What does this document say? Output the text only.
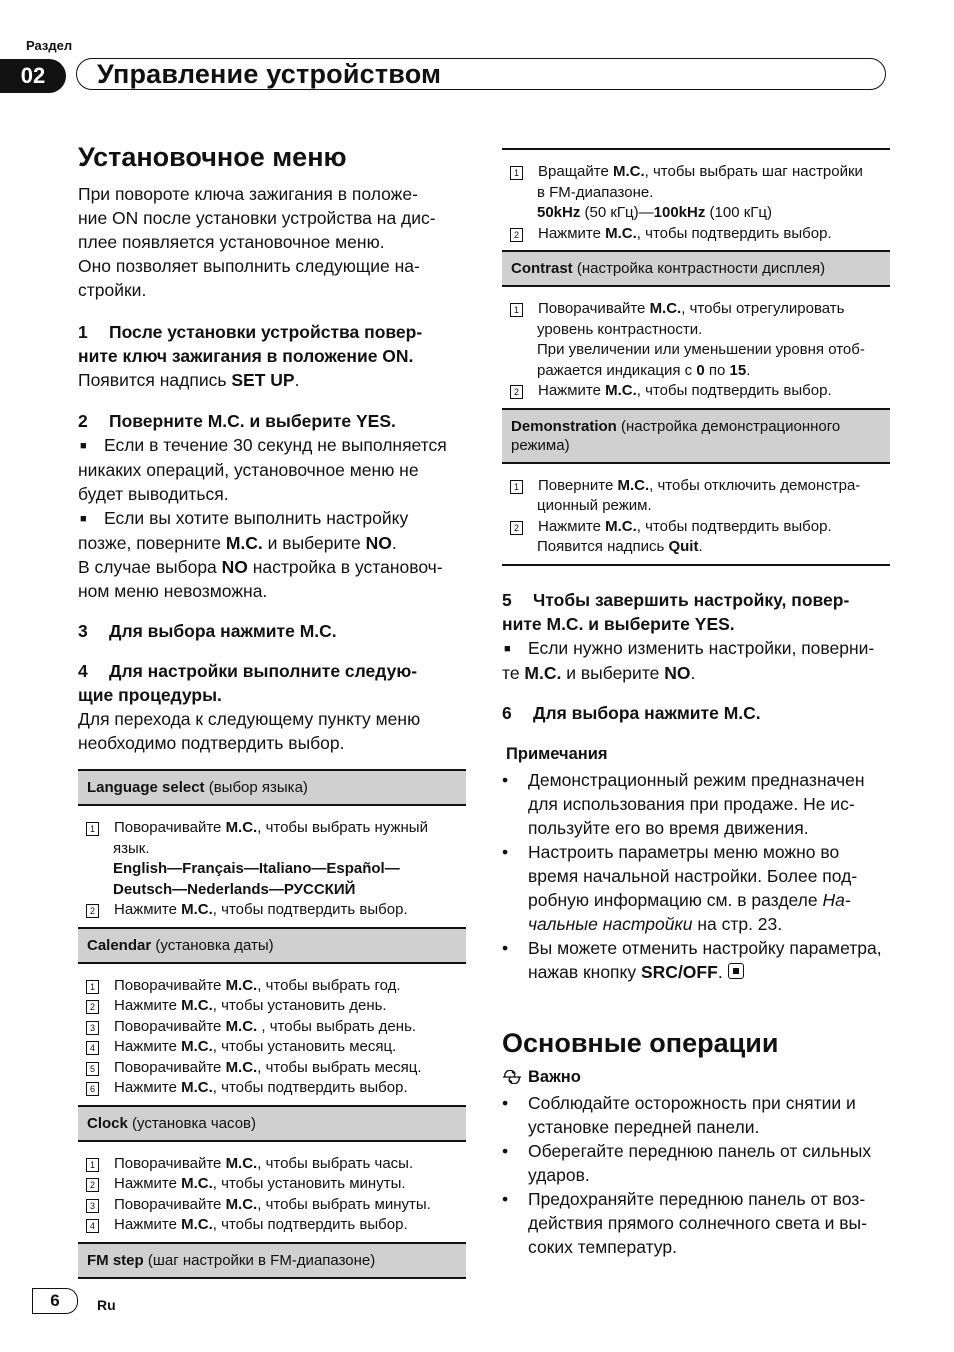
Раздел
02	Управление устройством
Установочное меню

При повороте ключа зажигания в положе-

ние ON после установки устройства на дис-

плее появляется установочное меню.

Оно позволяет выполнить следующие на-

стройки.

1 После установки устройства повер-
ните ключ зажигания в положение ON.

Появится надпись SET UP.

2 Поверните M.C. и выберите YES.

■ Если в течение 30 секунд не выполняется

никаких операций, установочное меню не

будет выводиться.

■ Если вы хотите выполнить настройку

позже, поверните M.C. и выберите NO.

В случае выбора NO настройка в установоч-

ном меню невозможна.

3 Для выбора нажмите M.C.
4 Для настройки выполните следую-
щие процедуры.

Для перехода к следующему пункту меню

необходимо подтвердить выбор.

Language select (выбор языка)
1 Поворачивайте M.C., чтобы выбрать нужный
язык.
English—Français—Italiano—Español—
Deutsch—Nederlands—РУССКИЙ
2 Нажмите M.C., чтобы подтвердить выбор.
Calendar (установка даты)
1 Поворачивайте M.C., чтобы выбрать год.
2 Нажмите M.C., чтобы установить день.
3 Поворачивайте M.C. , чтобы выбрать день.
4 Нажмите M.C., чтобы установить месяц.
5 Поворачивайте M.C., чтобы выбрать месяц.
6 Нажмите M.C., чтобы подтвердить выбор.
Clock (установка часов)
1 Поворачивайте M.C., чтобы выбрать часы.
2 Нажмите M.C., чтобы установить минуты.
3 Поворачивайте M.C., чтобы выбрать минуты.
4 Нажмите M.C., чтобы подтвердить выбор.
FM step (шаг настройки в FM-диапазоне)
1 Вращайте M.C., чтобы выбрать шаг настройки
в FM-диапазоне.
50kHz (50 кГц)—100kHz (100 кГц)
2 Нажмите M.C., чтобы подтвердить выбор.
Contrast (настройка контрастности дисплея)
1 Поворачивайте M.C., чтобы отрегулировать
уровень контрастности.
При увеличении или уменьшении уровня отоб-
ражается индикация с 0 по 15.
2 Нажмите M.C., чтобы подтвердить выбор.
Demonstration (настройка демонстрационного
режима)
1 Поверните M.C., чтобы отключить демонстра-
ционный режим.
2 Нажмите M.C., чтобы подтвердить выбор.
Появится надпись Quit.
5 Чтобы завершить настройку, повер-
ните M.C. и выберите YES.

■ Если нужно изменить настройки, поверни-

те M.C. и выберите NO.

6 Для выбора нажмите M.C.
Примечания
• Демонстрационный режим предназначен для использования при продаже. Не ис-пользуйте его во время движения.
• Настроить параметры меню можно во время начальной настройки. Более под-робную информацию см. в разделе На-чальные настройки на стр. 23.
• Вы можете отменить настройку параметра, нажав кнопку SRC/OFF.
Основные операции
Важно
• Соблюдайте осторожность при снятии и установке передней панели.
• Оберегайте переднюю панель от сильных ударов.
• Предохраняйте переднюю панель от воз-действия прямого солнечного света и вы-соких температур.
6	Ru
